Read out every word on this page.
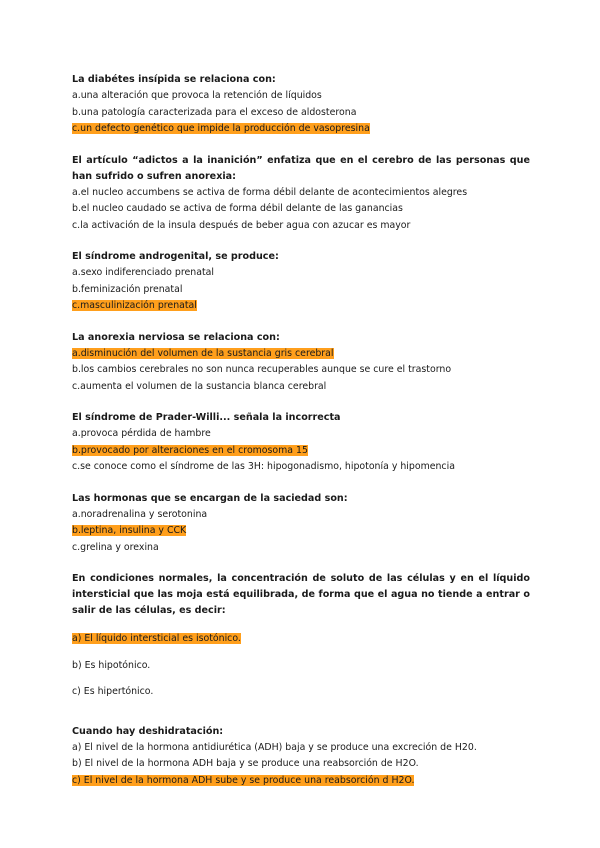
La diabétes insípida se relaciona con:

a.una alteración que provoca la retención de líquidos

b.una patología caracterizada para el exceso de aldosterona

c.un defecto genético que impide la producción de vasopresina

El artículo “adictos a la inanición” enfatiza que en el cerebro de las personas que han sufrido o sufren anorexia:

a.el nucleo accumbens se activa de forma débil delante de acontecimientos alegres

b.el nucleo caudado se activa de forma débil delante de las ganancias

c.la activación de la insula después de beber agua con azucar es mayor

El síndrome androgenital, se produce:

a.sexo indiferenciado prenatal

b.feminización prenatal

c.masculinización prenatal

La anorexia nerviosa se relaciona con:

a.disminución del volumen de la sustancia gris cerebral

b.los cambios cerebrales no son nunca recuperables aunque se cure el trastorno

c.aumenta el volumen de la sustancia blanca cerebral

El síndrome de Prader-Willi... señala la incorrecta

a.provoca pérdida de hambre

b.provocado por alteraciones en el cromosoma 15

c.se conoce como el síndrome de las 3H: hipogonadismo, hipotonía y hipomencia

Las hormonas que se encargan de la saciedad son:

a.noradrenalina y serotonina

b.leptina, insulina y CCK

c.grelina y orexina

En condiciones normales, la concentración de soluto de las células y en el líquido intersticial que las moja está equilibrada, de forma que el agua no tiende a entrar o salir de las células, es decir:

a) El líquido intersticial es isotónico.

b) Es hipotónico.

c) Es hipertónico.

Cuando hay deshidratación:

a) El nivel de la hormona antidiurética (ADH) baja y se produce una excreción de H20.

b) El nivel de la hormona ADH baja y se produce una reabsorción de H2O.

c) El nivel de la hormona ADH sube y se produce una reabsorción d H2O.
